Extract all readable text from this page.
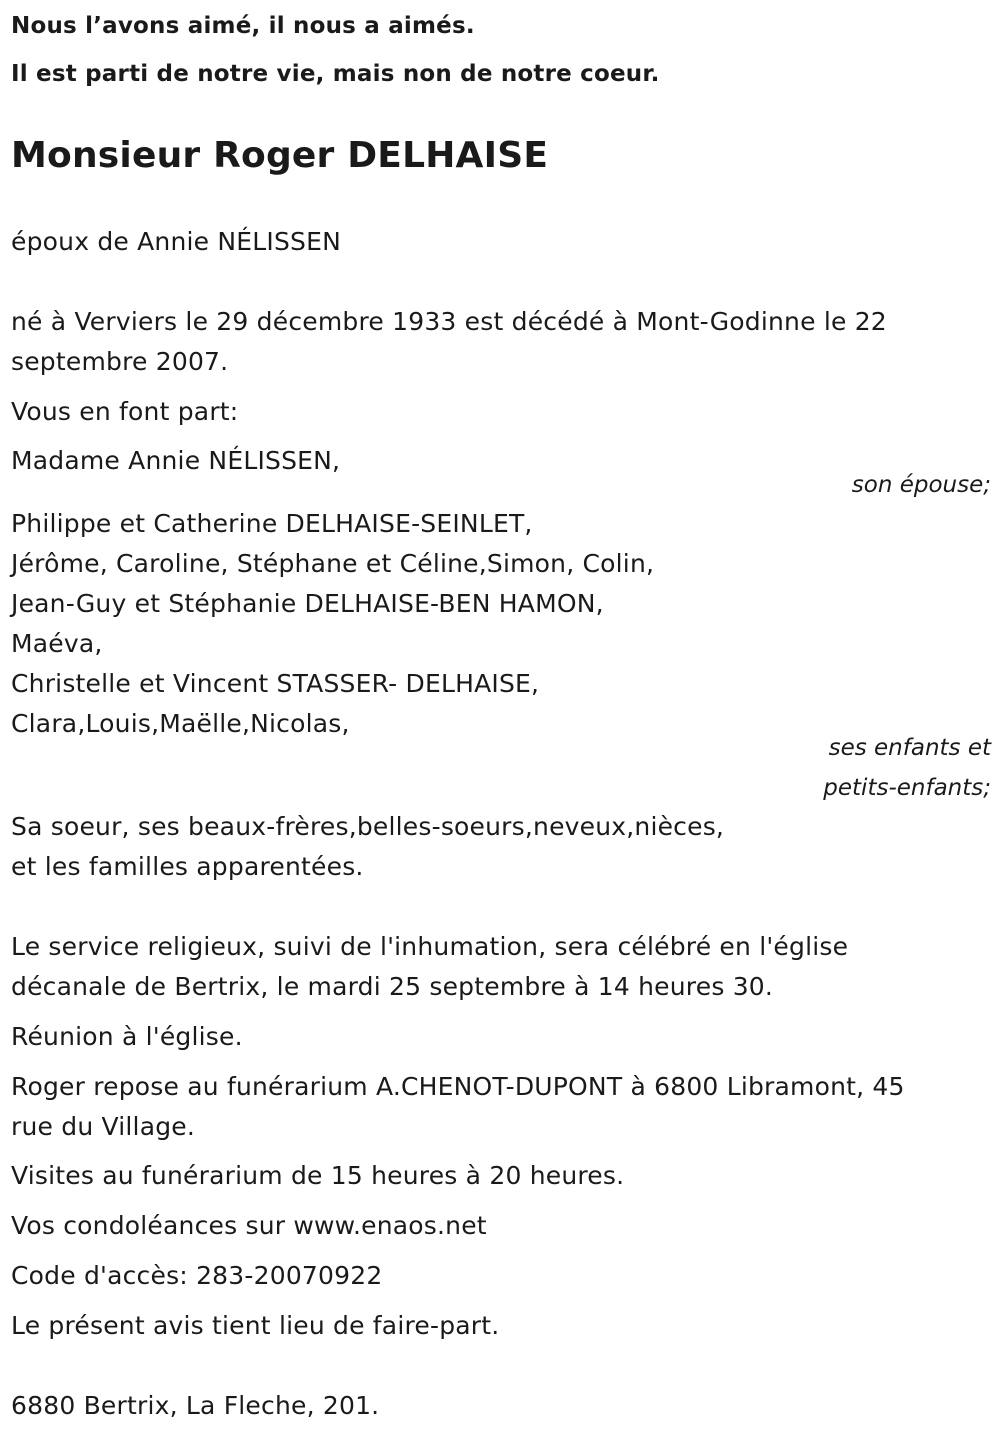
Nous l’avons aimé, il nous a aimés.
Il est parti de notre vie, mais non de notre coeur.
Monsieur Roger DELHAISE
époux de Annie NÉLISSEN
né à Verviers le 29 décembre 1933 est décédé à Mont-Godinne le 22
septembre 2007.
Vous en font part:
Madame Annie NÉLISSEN,
son épouse;
Philippe et Catherine DELHAISE-SEINLET,
Jérôme, Caroline, Stéphane et Céline,Simon, Colin,
Jean-Guy et Stéphanie DELHAISE-BEN HAMON,
Maéva,
Christelle et Vincent STASSER- DELHAISE,
Clara,Louis,Maëlle,Nicolas,
ses enfants et
petits-enfants;
Sa soeur, ses beaux-frères,belles-soeurs,neveux,nièces,
et les familles apparentées.
Le service religieux, suivi de l'inhumation, sera célébré en l'église
décanale de Bertrix, le mardi 25 septembre à 14 heures 30.
Réunion à l'église.
Roger repose au funérarium A.CHENOT-DUPONT à 6800 Libramont, 45
rue du Village.
Visites au funérarium de 15 heures à 20 heures.
Vos condoléances sur www.enaos.net
Code d'accès: 283-20070922
Le présent avis tient lieu de faire-part.
6880 Bertrix, La Fleche, 201.
